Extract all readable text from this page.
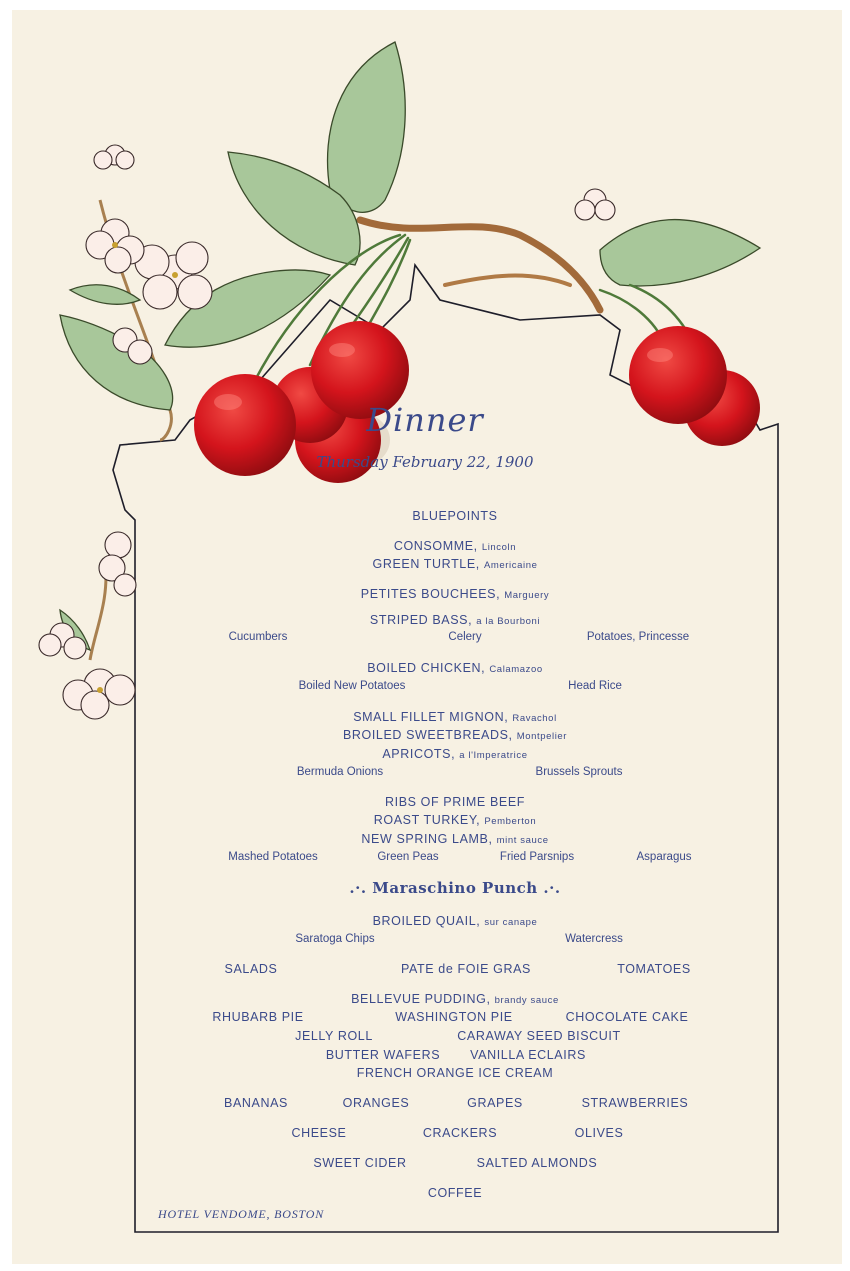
Dinner
Thursday February 22, 1900
BLUEPOINTS
CONSOMME, Lincoln
GREEN TURTLE, Americaine
PETITES BOUCHEES, Marguery
STRIPED BASS, a la Bourboni
Cucumbers	Celery	Potatoes, Princesse
BOILED CHICKEN, Calamazoo
Boiled New Potatoes	Head Rice
SMALL FILLET MIGNON, Ravachol
BROILED SWEETBREADS, Montpelier
APRICOTS, a l'Imperatrice
Bermuda Onions	Brussels Sprouts
RIBS OF PRIME BEEF
ROAST TURKEY, Pemberton
NEW SPRING LAMB, mint sauce
Mashed Potatoes	Green Peas	Fried Parsnips	Asparagus
.·. Maraschino Punch .·.
BROILED QUAIL, sur canape
Saratoga Chips	Watercress
SALADS	PATE de FOIE GRAS	TOMATOES
BELLEVUE PUDDING, brandy sauce
RHUBARB PIE	WASHINGTON PIE	CHOCOLATE CAKE
JELLY ROLL	CARAWAY SEED BISCUIT
BUTTER WAFERS VANILLA ECLAIRS
FRENCH ORANGE ICE CREAM
BANANAS	ORANGES	GRAPES	STRAWBERRIES
CHEESE	CRACKERS	OLIVES
SWEET CIDER	SALTED ALMONDS
COFFEE
HOTEL VENDOME, BOSTON
